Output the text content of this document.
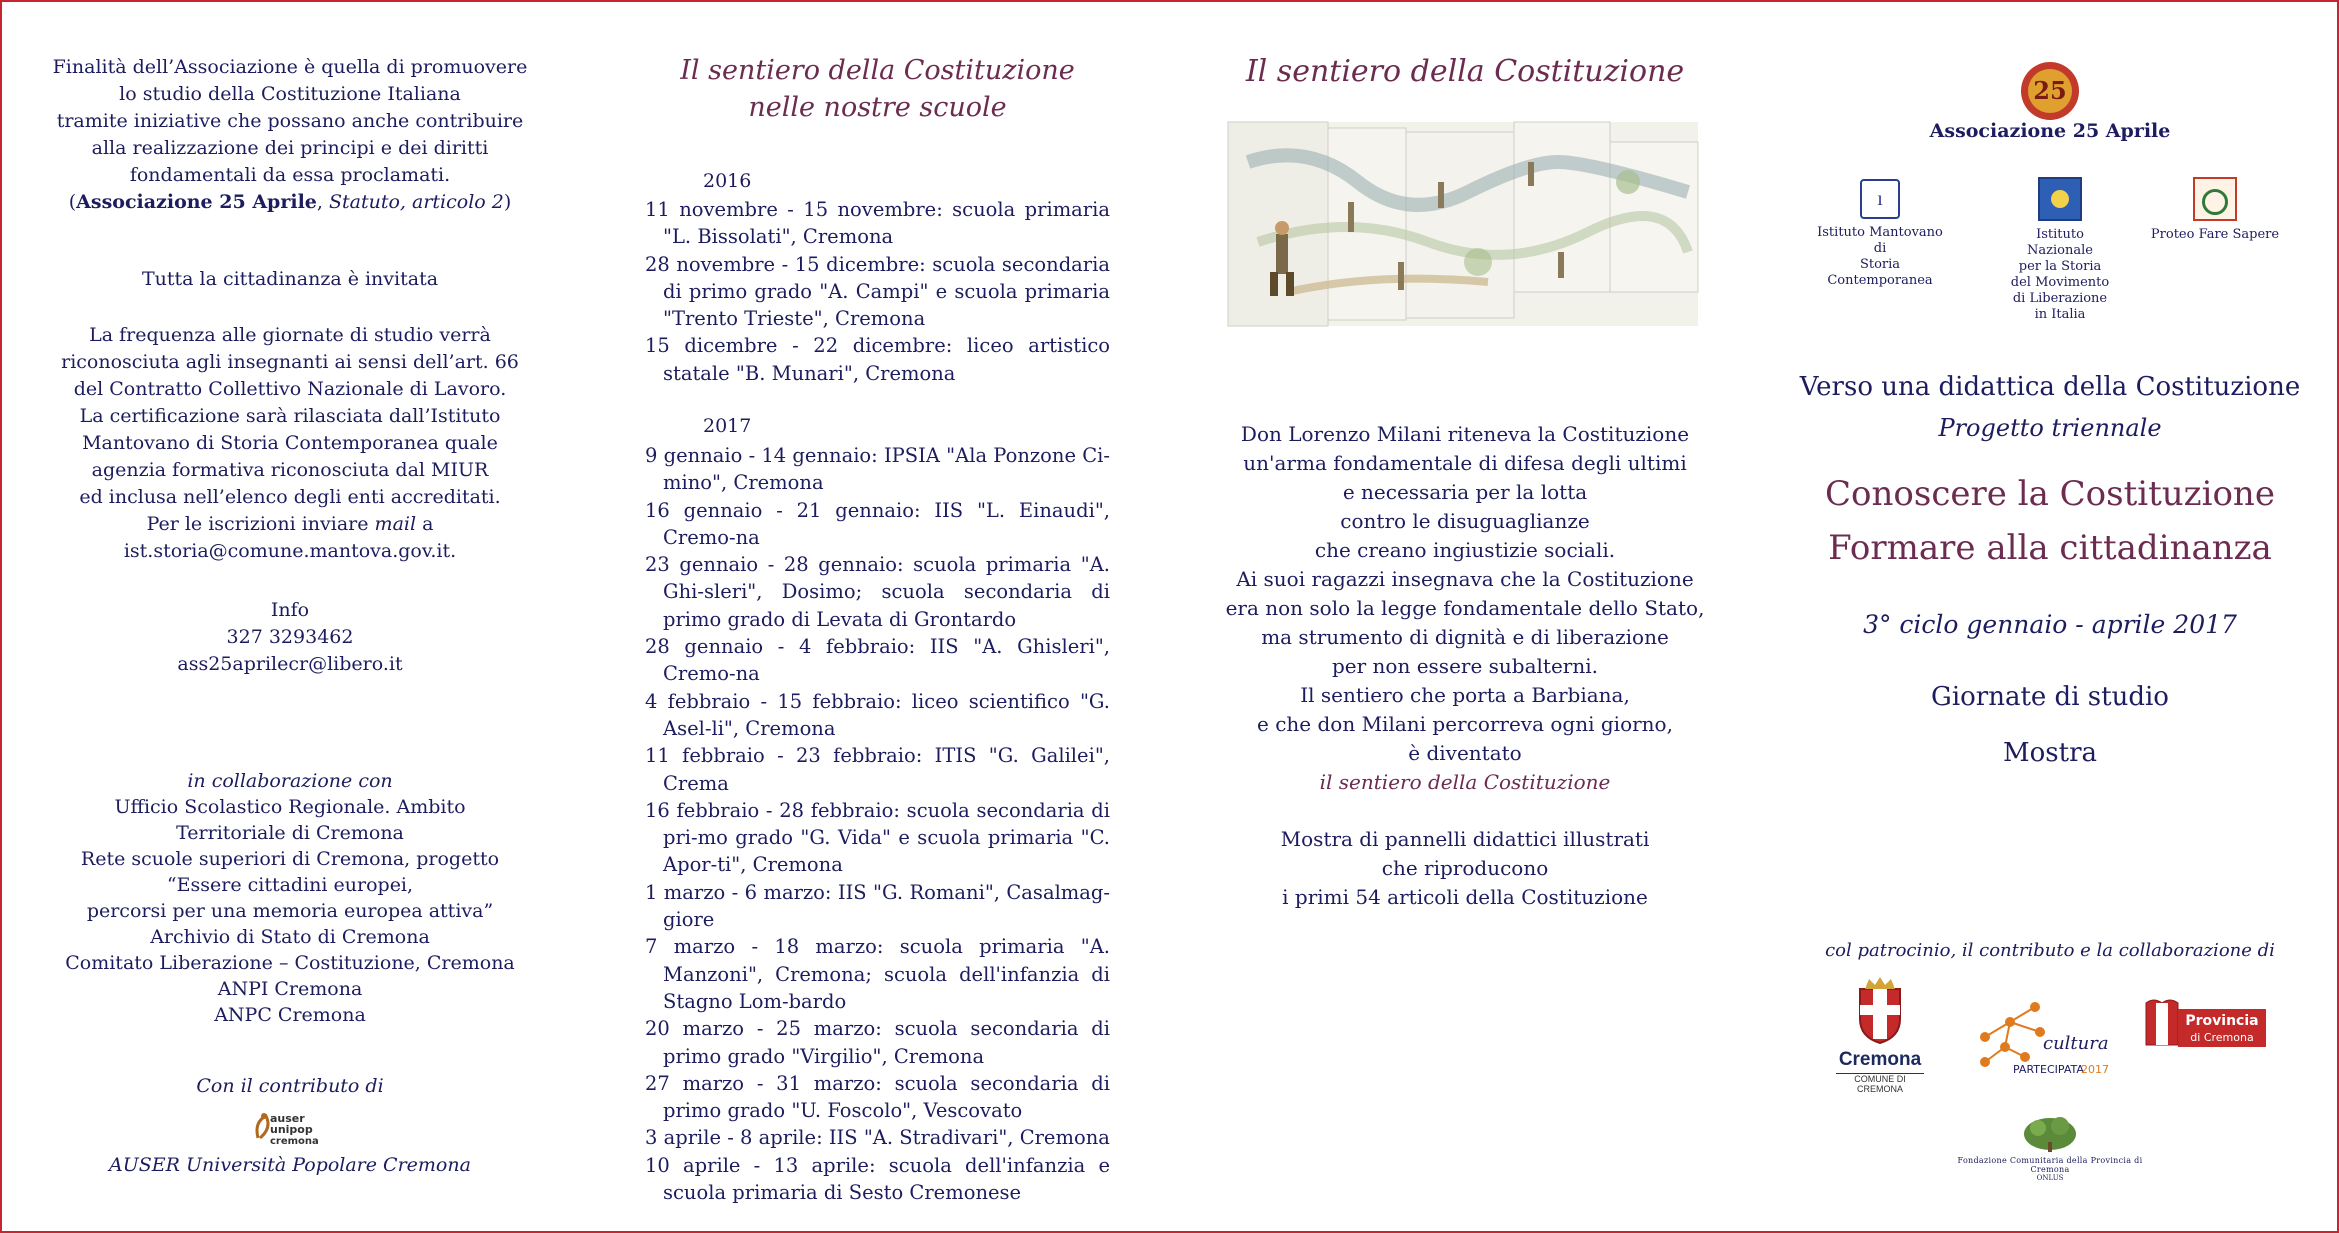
Finalità dell’Associazione è quella di promuovere
lo studio della Costituzione Italiana
tramite iniziative che possano anche contribuire
alla realizzazione dei principi e dei diritti
fondamentali da essa proclamati.
(Associazione 25 Aprile, Statuto, articolo 2)
Tutta la cittadinanza è invitata
La frequenza alle giornate di studio verrà
riconosciuta agli insegnanti ai sensi dell’art. 66
del Contratto Collettivo Nazionale di Lavoro.
La certificazione sarà rilasciata dall’Istituto
Mantovano di Storia Contemporanea quale
agenzia formativa riconosciuta dal MIUR
ed inclusa nell’elenco degli enti accreditati.
Per le iscrizioni inviare mail a
ist.storia@comune.mantova.gov.it.
Info
327 3293462
ass25aprilecr@libero.it
in collaborazione con
Ufficio Scolastico Regionale. Ambito
Territoriale di Cremona
Rete scuole superiori di Cremona, progetto
“Essere cittadini europei,
percorsi per una memoria europea attiva”
Archivio di Stato di Cremona
Comitato Liberazione – Costituzione, Cremona
ANPI Cremona
ANPC Cremona
Con il contributo di
auser
unipop
cremona
AUSER Università Popolare Cremona
Il sentiero della Costituzione
nelle nostre scuole
2016
11 novembre - 15 novembre: scuola primaria "L. Bissolati", Cremona
28 novembre - 15 dicembre: scuola secondaria di primo grado "A. Campi" e scuola primaria "Trento Trieste", Cremona
15 dicembre - 22 dicembre: liceo artistico statale "B. Munari", Cremona
2017
9 gennaio - 14 gennaio: IPSIA "Ala Ponzone Ci-mino", Cremona
16 gennaio - 21 gennaio: IIS "L. Einaudi", Cremo-na
23 gennaio - 28 gennaio: scuola primaria "A. Ghi-sleri", Dosimo; scuola secondaria di primo grado di Levata di Grontardo
28 gennaio - 4 febbraio: IIS "A. Ghisleri", Cremo-na
4 febbraio - 15 febbraio: liceo scientifico "G. Asel-li", Cremona
11 febbraio - 23 febbraio: ITIS "G. Galilei", Crema
16 febbraio - 28 febbraio: scuola secondaria di pri-mo grado "G. Vida" e scuola primaria "C. Apor-ti", Cremona
1 marzo - 6 marzo: IIS "G. Romani", Casalmag-giore
7 marzo - 18 marzo: scuola primaria "A. Manzoni", Cremona; scuola dell'infanzia di Stagno Lom-bardo
20 marzo - 25 marzo: scuola secondaria di primo grado "Virgilio", Cremona
27 marzo - 31 marzo: scuola secondaria di primo grado "U. Foscolo", Vescovato
3 aprile - 8 aprile: IIS "A. Stradivari", Cremona
10 aprile - 13 aprile: scuola dell'infanzia e scuola primaria di Sesto Cremonese
Il sentiero della Costituzione
Don Lorenzo Milani riteneva la Costituzione
un'arma fondamentale di difesa degli ultimi
e necessaria per la lotta
contro le disuguaglianze
che creano ingiustizie sociali.
Ai suoi ragazzi insegnava che la Costituzione
era non solo la legge fondamentale dello Stato,
ma strumento di dignità e di liberazione
per non essere subalterni.
Il sentiero che porta a Barbiana,
e che don Milani percorreva ogni giorno,
è diventato
il sentiero della Costituzione
Mostra di pannelli didattici illustrati
che riproducono
i primi 54 articoli della Costituzione
25
Associazione 25 Aprile
ı
Istituto Mantovano di
Storia Contemporanea
Istituto Nazionale
per la Storia
del Movimento
di Liberazione
in Italia
Proteo Fare Sapere
Verso una didattica della Costituzione
Progetto triennale
Conoscere la Costituzione
Formare alla cittadinanza
3° ciclo gennaio - aprile 2017
Giornate di studio
Mostra
col patrocinio, il contributo e la collaborazione di
Cremona
COMUNE DI CREMONA
cultura
PARTECIPATA
2017
Provincia
di Cremona
Fondazione Comunitaria della Provincia di Cremona
ONLUS
